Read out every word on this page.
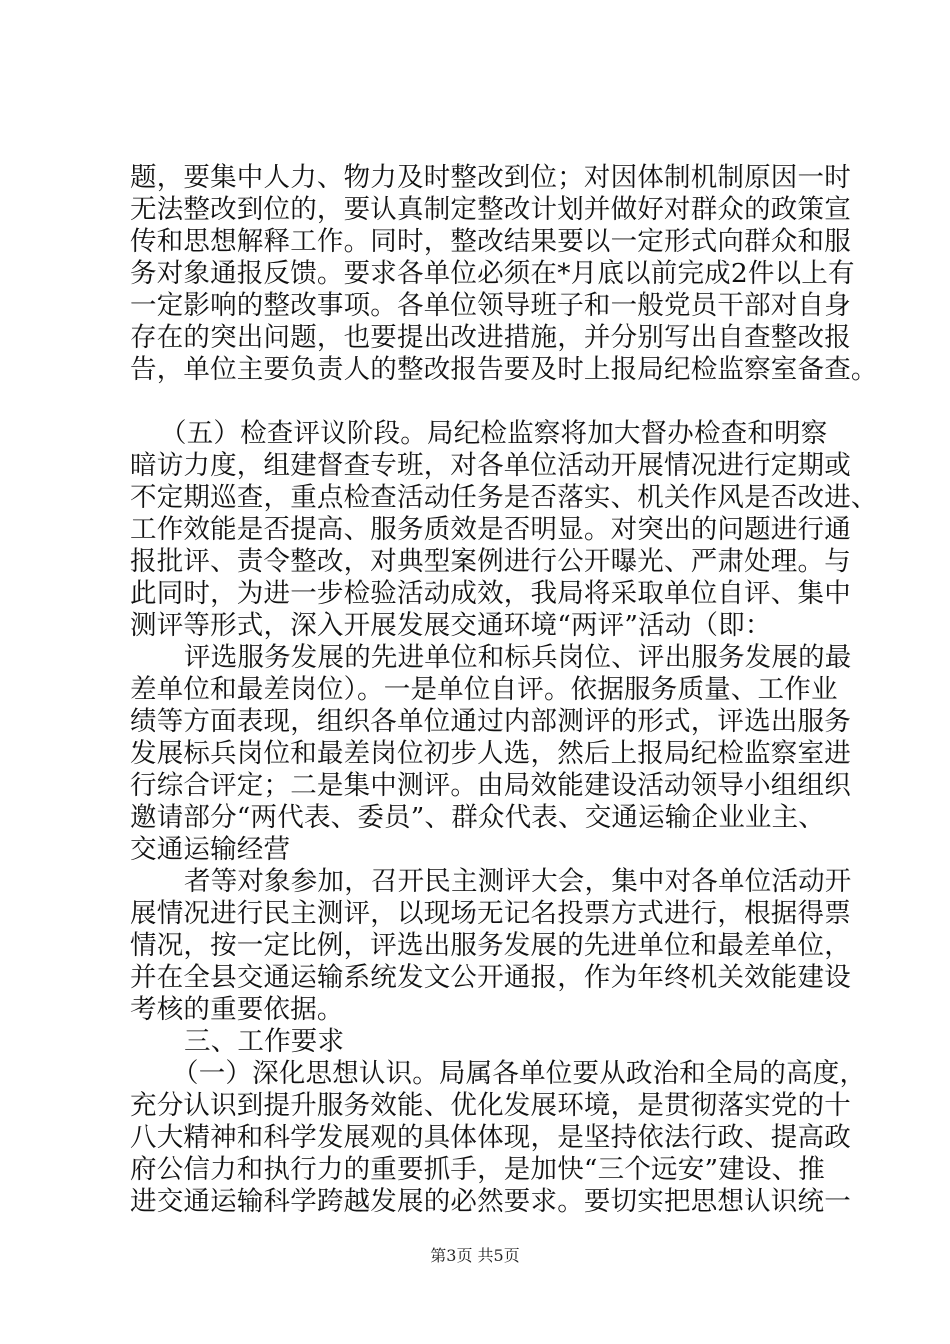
题，要集中人力、物力及时整改到位；对因体制机制原因一时
无法整改到位的，要认真制定整改计划并做好对群众的政策宣
传和思想解释工作。同时，整改结果要以一定形式向群众和服
务对象通报反馈。要求各单位必须在*月底以前完成2件以上有
一定影响的整改事项。各单位领导班子和一般党员干部对自身
存在的突出问题，也要提出改进措施，并分别写出自查整改报
告，单位主要负责人的整改报告要及时上报局纪检监察室备查。
（五）检查评议阶段。局纪检监察将加大督办检查和明察
暗访力度，组建督查专班，对各单位活动开展情况进行定期或
不定期巡查，重点检查活动任务是否落实、机关作风是否改进、
工作效能是否提高、服务质效是否明显。对突出的问题进行通
报批评、责令整改，对典型案例进行公开曝光、严肃处理。与
此同时，为进一步检验活动成效，我局将采取单位自评、集中
测评等形式，深入开展发展交通环境“两评”活动（即：
评选服务发展的先进单位和标兵岗位、评出服务发展的最
差单位和最差岗位）。一是单位自评。依据服务质量、工作业
绩等方面表现，组织各单位通过内部测评的形式，评选出服务
发展标兵岗位和最差岗位初步人选，然后上报局纪检监察室进
行综合评定；二是集中测评。由局效能建设活动领导小组组织
邀请部分“两代表、委员”、群众代表、交通运输企业业主、
交通运输经营
者等对象参加，召开民主测评大会，集中对各单位活动开
展情况进行民主测评，以现场无记名投票方式进行，根据得票
情况，按一定比例，评选出服务发展的先进单位和最差单位，
并在全县交通运输系统发文公开通报，作为年终机关效能建设
考核的重要依据。
三、工作要求
（一）深化思想认识。局属各单位要从政治和全局的高度，
充分认识到提升服务效能、优化发展环境，是贯彻落实党的十
八大精神和科学发展观的具体体现，是坚持依法行政、提高政
府公信力和执行力的重要抓手，是加快“三个远安”建设、推
进交通运输科学跨越发展的必然要求。要切实把思想认识统一
第3页 共5页
